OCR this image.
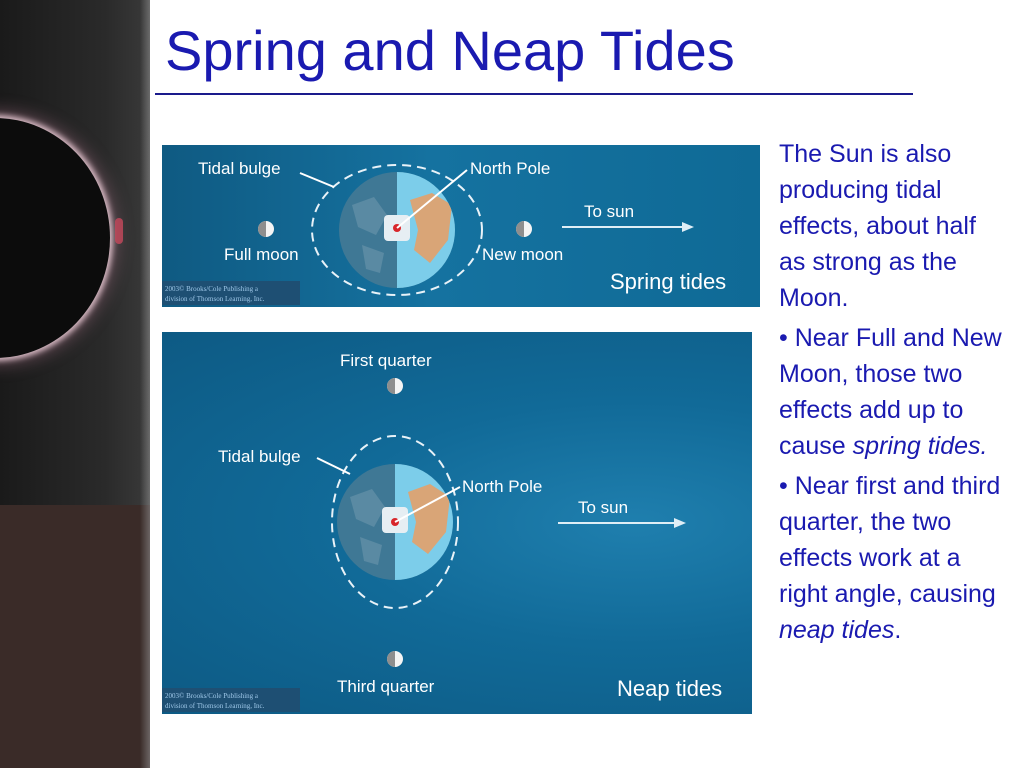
Spring and Neap Tides
Tidal bulge	North Pole
To sun
Full moon	New moon
2003© Brooks/Cole Publishing a
division of Thomson Learning, Inc.
Spring tides
First quarter
Tidal bulge
North Pole
To sun
Third quarter
2003© Brooks/Cole Publishing a
division of Thomson Learning, Inc.
Neap tides

The Sun is also producing tidal effects, about half as strong as the Moon.

• Near Full and New Moon, those two effects add up to cause spring tides.

• Near first and third quarter, the two effects work at a right angle, causing neap tides.
